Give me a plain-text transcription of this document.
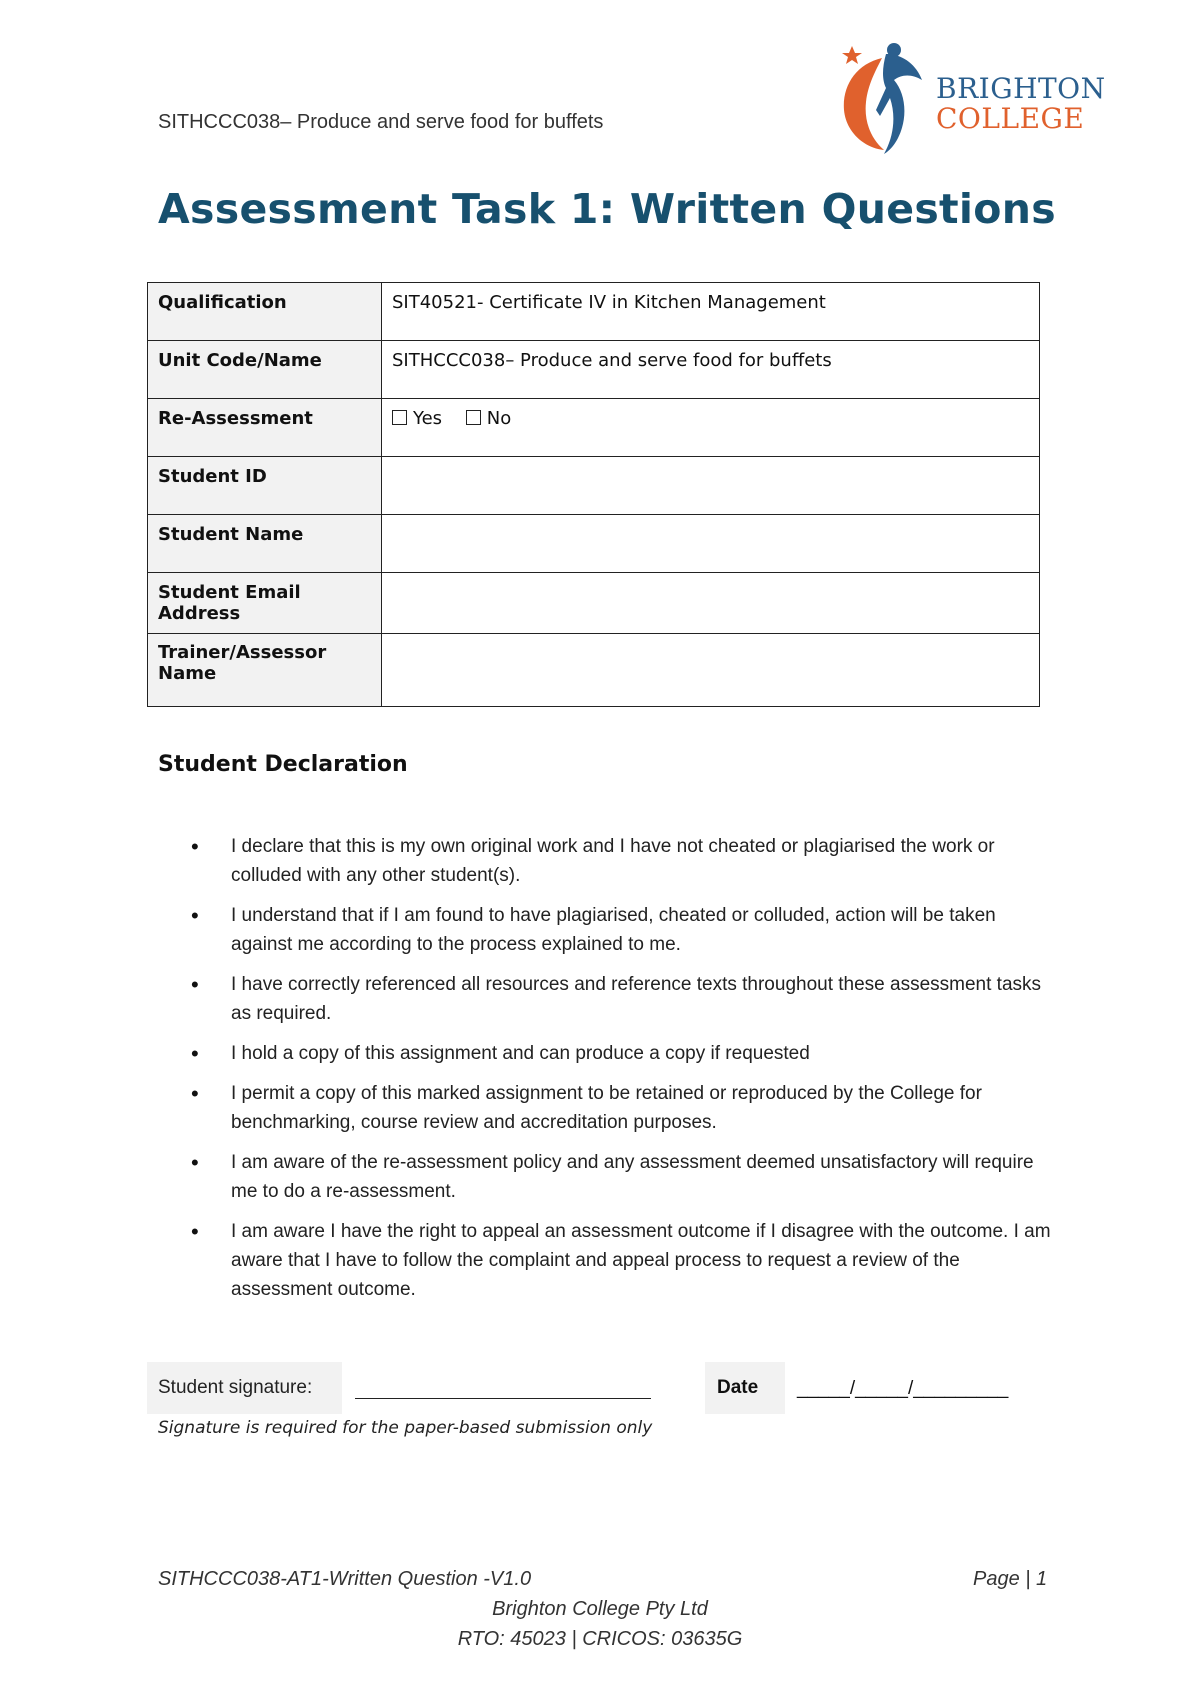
SITHCCC038– Produce and serve food for buffets
BRIGHTON
COLLEGE
Assessment Task 1: Written Questions
Qualification	SIT40521- Certificate IV in Kitchen Management
Unit Code/Name	SITHCCC038– Produce and serve food for buffets
Re-Assessment	Yes No
Student ID	
Student Name	
Student Email Address	
Trainer/Assessor Name	
Student Declaration
• I declare that this is my own original work and I have not cheated or plagiarised the work or colluded with any other student(s).
• I understand that if I am found to have plagiarised, cheated or colluded, action will be taken against me according to the process explained to me.
• I have correctly referenced all resources and reference texts throughout these assessment tasks as required.
• I hold a copy of this assignment and can produce a copy if requested
• I permit a copy of this marked assignment to be retained or reproduced by the College for benchmarking, course review and accreditation purposes.
• I am aware of the re-assessment policy and any assessment deemed unsatisfactory will require me to do a re-assessment.
• I am aware I have the right to appeal an assessment outcome if I disagree with the outcome. I am aware that I have to follow the complaint and appeal process to request a review of the assessment outcome.
Student signature:	Date	_____/_____/_________
Signature is required for the paper-based submission only
SITHCCC038-AT1-Written Question -V1.0	Page | 1
Brighton College Pty Ltd
RTO: 45023 | CRICOS: 03635G
